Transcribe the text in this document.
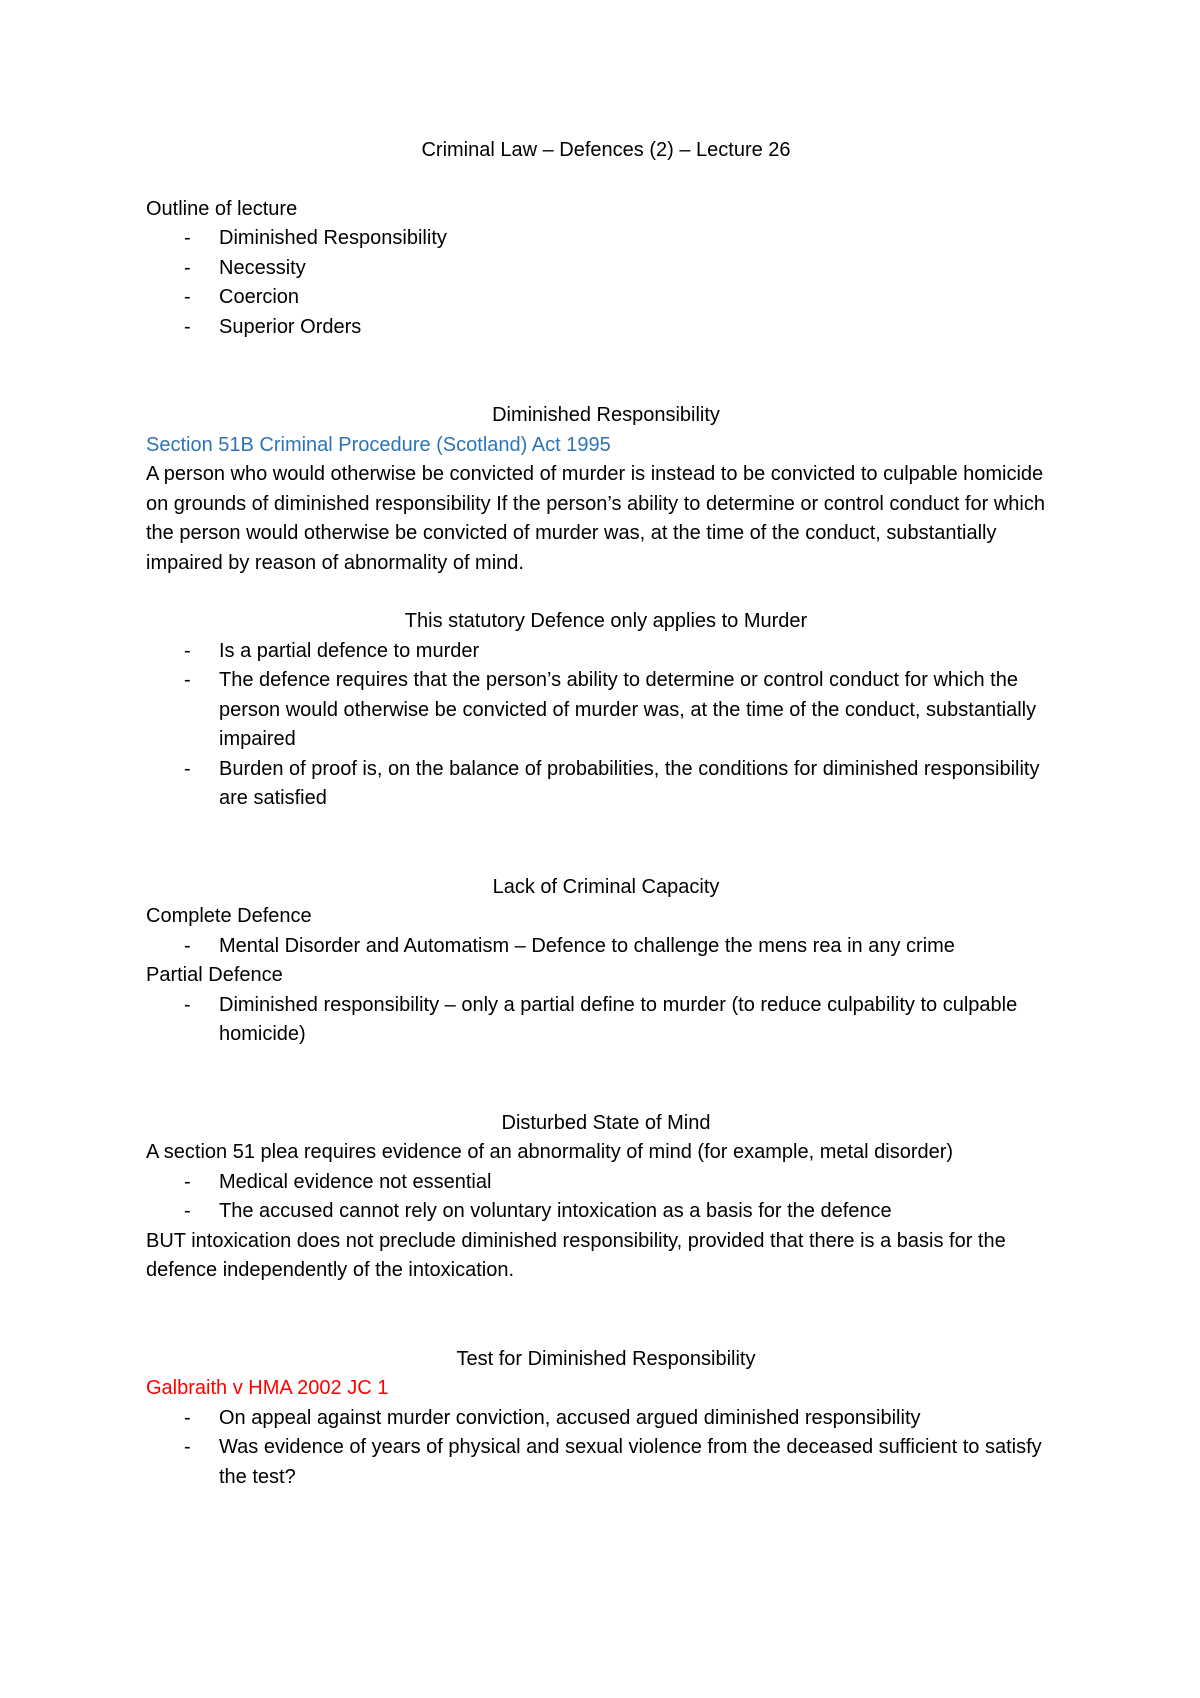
Criminal Law – Defences (2) – Lecture 26

Outline of lecture

- Diminished Responsibility
- Necessity
- Coercion
- Superior Orders

Diminished Responsibility

Section 51B Criminal Procedure (Scotland) Act 1995

A person who would otherwise be convicted of murder is instead to be convicted to culpable homicide on grounds of diminished responsibility If the person’s ability to determine or control conduct for which the person would otherwise be convicted of murder was, at the time of the conduct, substantially impaired by reason of abnormality of mind.

This statutory Defence only applies to Murder

- Is a partial defence to murder
- The defence requires that the person’s ability to determine or control conduct for which the person would otherwise be convicted of murder was, at the time of the conduct, substantially impaired
- Burden of proof is, on the balance of probabilities, the conditions for diminished responsibility are satisfied

Lack of Criminal Capacity

Complete Defence

- Mental Disorder and Automatism – Defence to challenge the mens rea in any crime

Partial Defence

- Diminished responsibility – only a partial define to murder (to reduce culpability to culpable homicide)

Disturbed State of Mind

A section 51 plea requires evidence of an abnormality of mind (for example, metal disorder)

- Medical evidence not essential
- The accused cannot rely on voluntary intoxication as a basis for the defence

BUT intoxication does not preclude diminished responsibility, provided that there is a basis for the defence independently of the intoxication.

Test for Diminished Responsibility

Galbraith v HMA 2002 JC 1

- On appeal against murder conviction, accused argued diminished responsibility
- Was evidence of years of physical and sexual violence from the deceased sufficient to satisfy the test?
